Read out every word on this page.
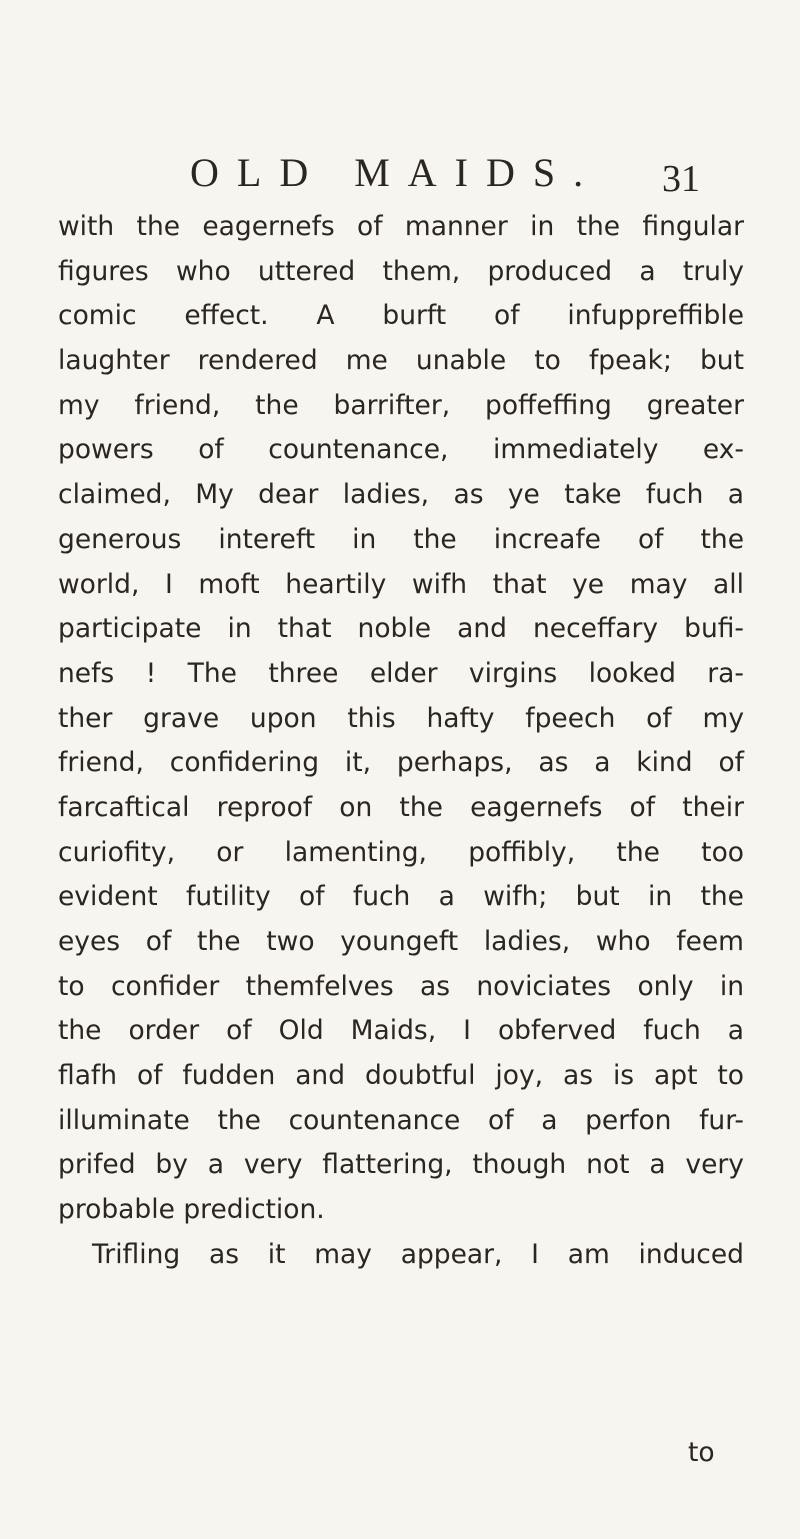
OLD MAIDS. 31
with the eagernefs of manner in the fingular
figures who uttered them, produced a truly
comic effect. A burft of infuppreffible
laughter rendered me unable to fpeak; but
my friend, the barrifter, poffeffing greater
powers of countenance, immediately ex-
claimed, My dear ladies, as ye take fuch a
generous intereft in the increafe of the
world, I moft heartily wifh that ye may all
participate in that noble and neceffary bufi-
nefs ! The three elder virgins looked ra-
ther grave upon this hafty fpeech of my
friend, confidering it, perhaps, as a kind of
farcaftical reproof on the eagernefs of their
curiofity, or lamenting, poffibly, the too
evident futility of fuch a wifh; but in the
eyes of the two youngeft ladies, who feem
to confider themfelves as noviciates only in
the order of Old Maids, I obferved fuch a
flafh of fudden and doubtful joy, as is apt to
illuminate the countenance of a perfon fur-
prifed by a very flattering, though not a very
probable prediction.
Trifling as it may appear, I am induced
to
